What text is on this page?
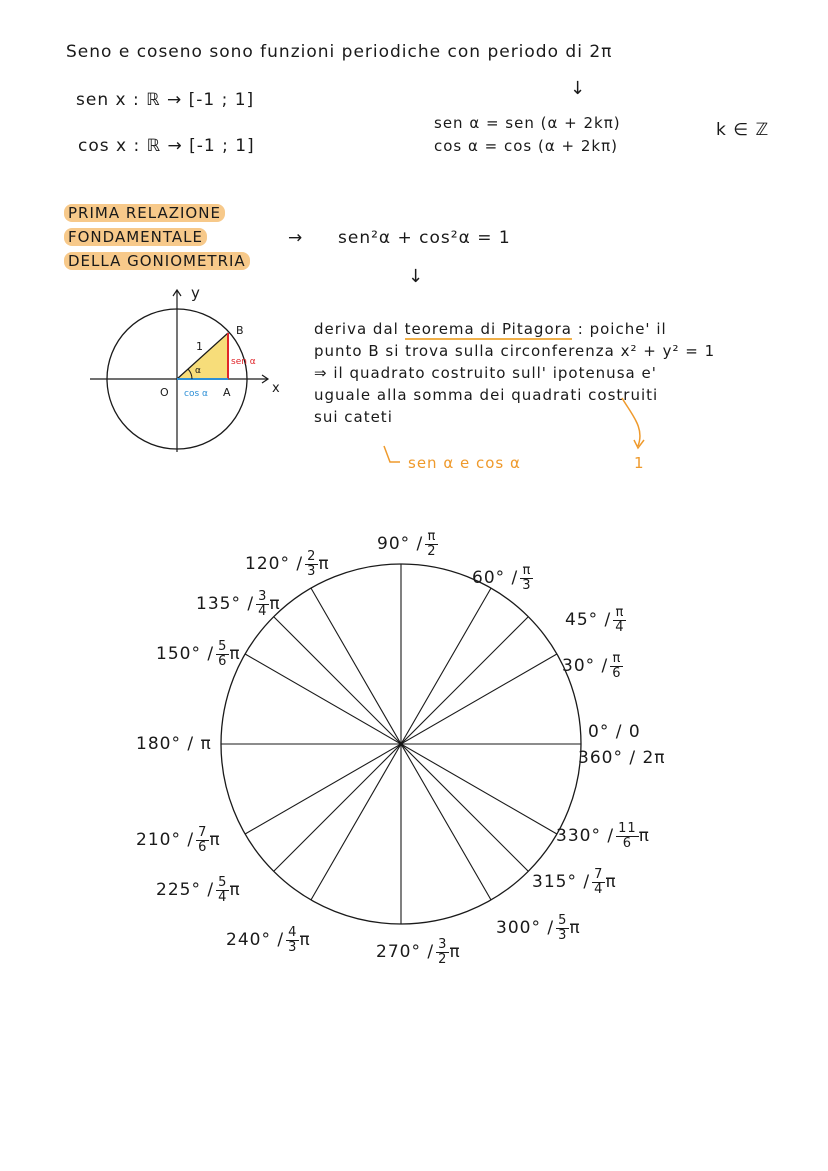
Seno e coseno sono funzioni periodiche con periodo di 2π
sen x : ℝ → [-1 ; 1]
cos x : ℝ → [-1 ; 1]
↓
sen α = sen (α + 2kπ)
cos α = cos (α + 2kπ)
k ∈ ℤ
PRIMA RELAZIONE
FONDAMENTALE
DELLA GONIOMETRIA
→ sen²α + cos²α = 1
↓
deriva dal teorema di Pitagora : poiche' il
punto B si trova sulla circonferenza x² + y² = 1
⇒ il quadrato costruito sull' ipotenusa e'
uguale alla somma dei quadrati costruiti
sui cateti
sen α e cos α	1
y
x
O	A
B
1
α
sen α
cos α
$90^\circ / \frac{\pi}{2}$
$60^\circ / \frac{\pi}{3}$
$45^\circ / \frac{\pi}{4}$
$30^\circ / \frac{\pi}{6}$
0° / 0
360° / 2π
$120^\circ / \frac{2}{3}$ π
$135^\circ / \frac{3}{4}$ π
$150^\circ / \frac{5}{6}$ π
180° / π
$210^\circ / \frac{7}{6}$ π
$225^\circ / \frac{5}{4}$ π
$240^\circ / \frac{4}{3}$ π
$270^\circ / \frac{3}{2}$ π
$300^\circ / \frac{5}{3}$ π
$315^\circ / \frac{7}{4}$ π
$330^\circ / \frac{11}{6}$ π
